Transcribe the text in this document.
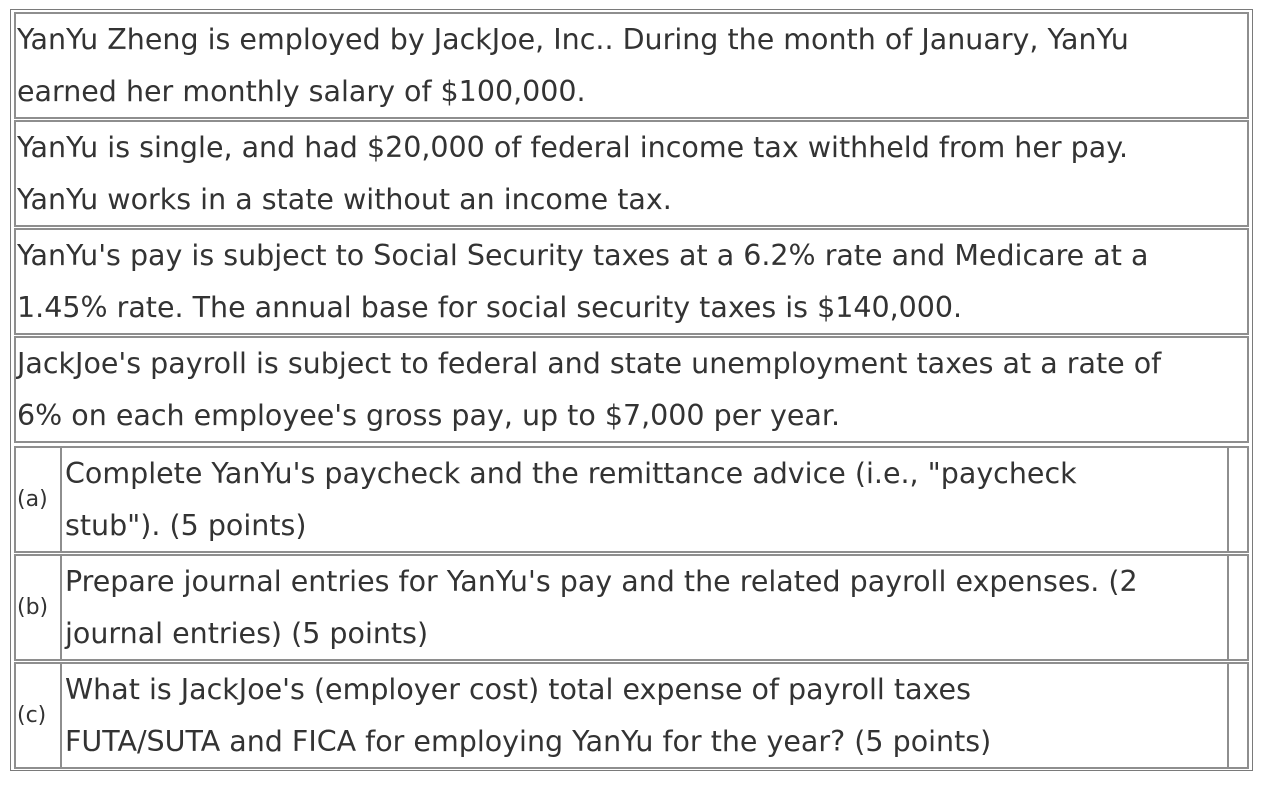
YanYu Zheng is employed by JackJoe, Inc.. During the month of January, YanYu
earned her monthly salary of $100,000.
YanYu is single, and had $20,000 of federal income tax withheld from her pay.
YanYu works in a state without an income tax.
YanYu's pay is subject to Social Security taxes at a 6.2% rate and Medicare at a
1.45% rate. The annual base for social security taxes is $140,000.
JackJoe's payroll is subject to federal and state unemployment taxes at a rate of
6% on each employee's gross pay, up to $7,000 per year.
(a)
Complete YanYu's paycheck and the remittance advice (i.e., "paycheck
stub"). (5 points)
(b)
Prepare journal entries for YanYu's pay and the related payroll expenses. (2
journal entries) (5 points)
(c)
What is JackJoe's (employer cost) total expense of payroll taxes
FUTA/SUTA and FICA for employing YanYu for the year? (5 points)
